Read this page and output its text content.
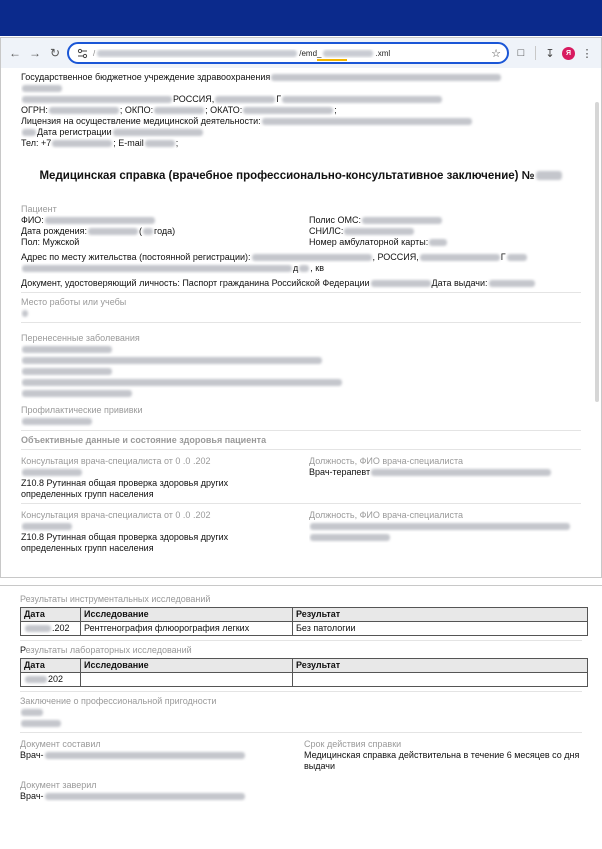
← → ↻	/	/emd_	.xml	☆	□	↧	Я ⋮
Государственное бюджетное учреждение здравоохранения
РОССИЯ,	Г
ОГРН:	; ОКПО:	; ОКАТО:	;
Лицензия на осуществление медицинской деятельности:
Дата регистрации
Тел: +7	; E-mail	;
Медицинская справка (врачебное профессионально-консультативное заключение) №
Пациент
ФИО:	Полис ОМС:
Дата рождения:	( года)	СНИЛС:
Пол: Мужской	Номер амбулаторной карты:
Адрес по месту жительства (постоянной регистрации):	, РОССИЯ,	Г
д , кв
Документ, удостоверяющий личность: Паспорт гражданина Российской Федерации	Дата выдачи:
Место работы или учебы
Перенесенные заболевания
Профилактические прививки
Объективные данные и состояние здоровья пациента
Консультация врача-специалиста от 0 .0 .202
Z10.8 Рутинная общая проверка здоровья других определенных групп населения
Должность, ФИО врача-специалиста
Врач-терапевт
Консультация врача-специалиста от 0 .0 .202
Z10.8 Рутинная общая проверка здоровья других определенных групп населения
Должность, ФИО врача-специалиста
Результаты инструментальных исследований
Дата	Исследование	Результат
.202	Рентгенография флюорография легких	Без патологии
Результаты лабораторных исследований
Дата	Исследование	Результат
202		
Заключение о профессиональной пригодности
Документ составил
Врач-
Срок действия справки
Медицинская справка действительна в течение 6 месяцев со дня выдачи
Документ заверил
Врач-
